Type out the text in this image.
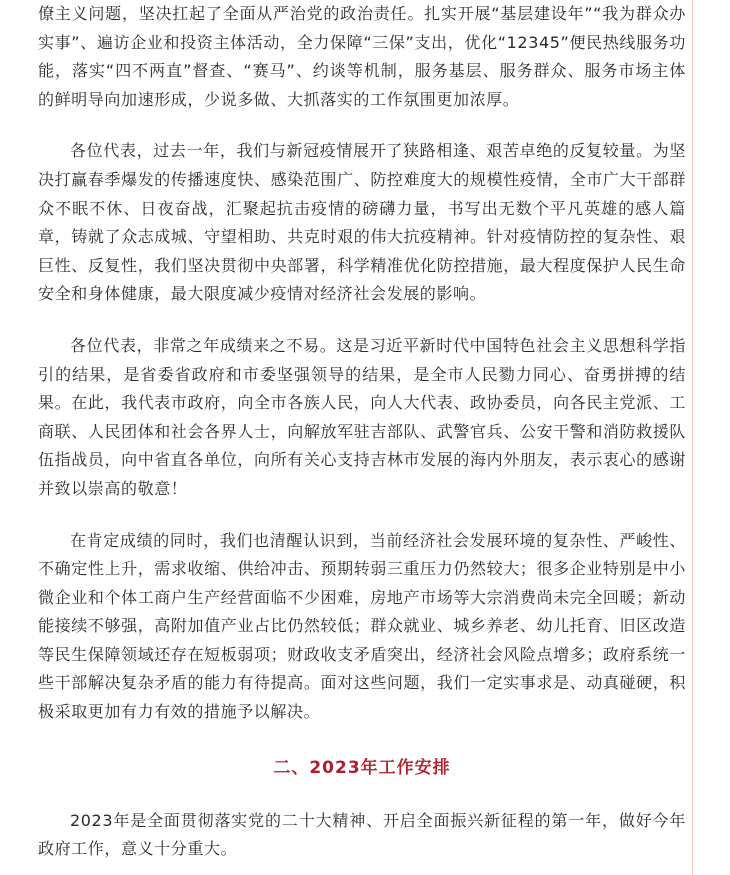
僚主义问题，坚决扛起了全面从严治党的政治责任。扎实开展“基层建设年”“我为群众办实事”、遍访企业和投资主体活动，全力保障“三保”支出，优化“12345”便民热线服务功能，落实“四不两直”督查、“赛马”、约谈等机制，服务基层、服务群众、服务市场主体的鲜明导向加速形成，少说多做、大抓落实的工作氛围更加浓厚。

各位代表，过去一年，我们与新冠疫情展开了狭路相逢、艰苦卓绝的反复较量。为坚决打赢春季爆发的传播速度快、感染范围广、防控难度大的规模性疫情，全市广大干部群众不眠不休、日夜奋战，汇聚起抗击疫情的磅礴力量，书写出无数个平凡英雄的感人篇章，铸就了众志成城、守望相助、共克时艰的伟大抗疫精神。针对疫情防控的复杂性、艰巨性、反复性，我们坚决贯彻中央部署，科学精准优化防控措施，最大程度保护人民生命安全和身体健康，最大限度减少疫情对经济社会发展的影响。

各位代表，非常之年成绩来之不易。这是习近平新时代中国特色社会主义思想科学指引的结果，是省委省政府和市委坚强领导的结果，是全市人民勠力同心、奋勇拼搏的结果。在此，我代表市政府，向全市各族人民，向人大代表、政协委员，向各民主党派、工商联、人民团体和社会各界人士，向解放军驻吉部队、武警官兵、公安干警和消防救援队伍指战员，向中省直各单位，向所有关心支持吉林市发展的海内外朋友，表示衷心的感谢并致以崇高的敬意！

在肯定成绩的同时，我们也清醒认识到，当前经济社会发展环境的复杂性、严峻性、不确定性上升，需求收缩、供给冲击、预期转弱三重压力仍然较大；很多企业特别是中小微企业和个体工商户生产经营面临不少困难，房地产市场等大宗消费尚未完全回暖；新动能接续不够强，高附加值产业占比仍然较低；群众就业、城乡养老、幼儿托育、旧区改造等民生保障领域还存在短板弱项；财政收支矛盾突出，经济社会风险点增多；政府系统一些干部解决复杂矛盾的能力有待提高。面对这些问题，我们一定实事求是、动真碰硬，积极采取更加有力有效的措施予以解决。

二、2023年工作安排

2023年是全面贯彻落实党的二十大精神、开启全面振兴新征程的第一年，做好今年政府工作，意义十分重大。
